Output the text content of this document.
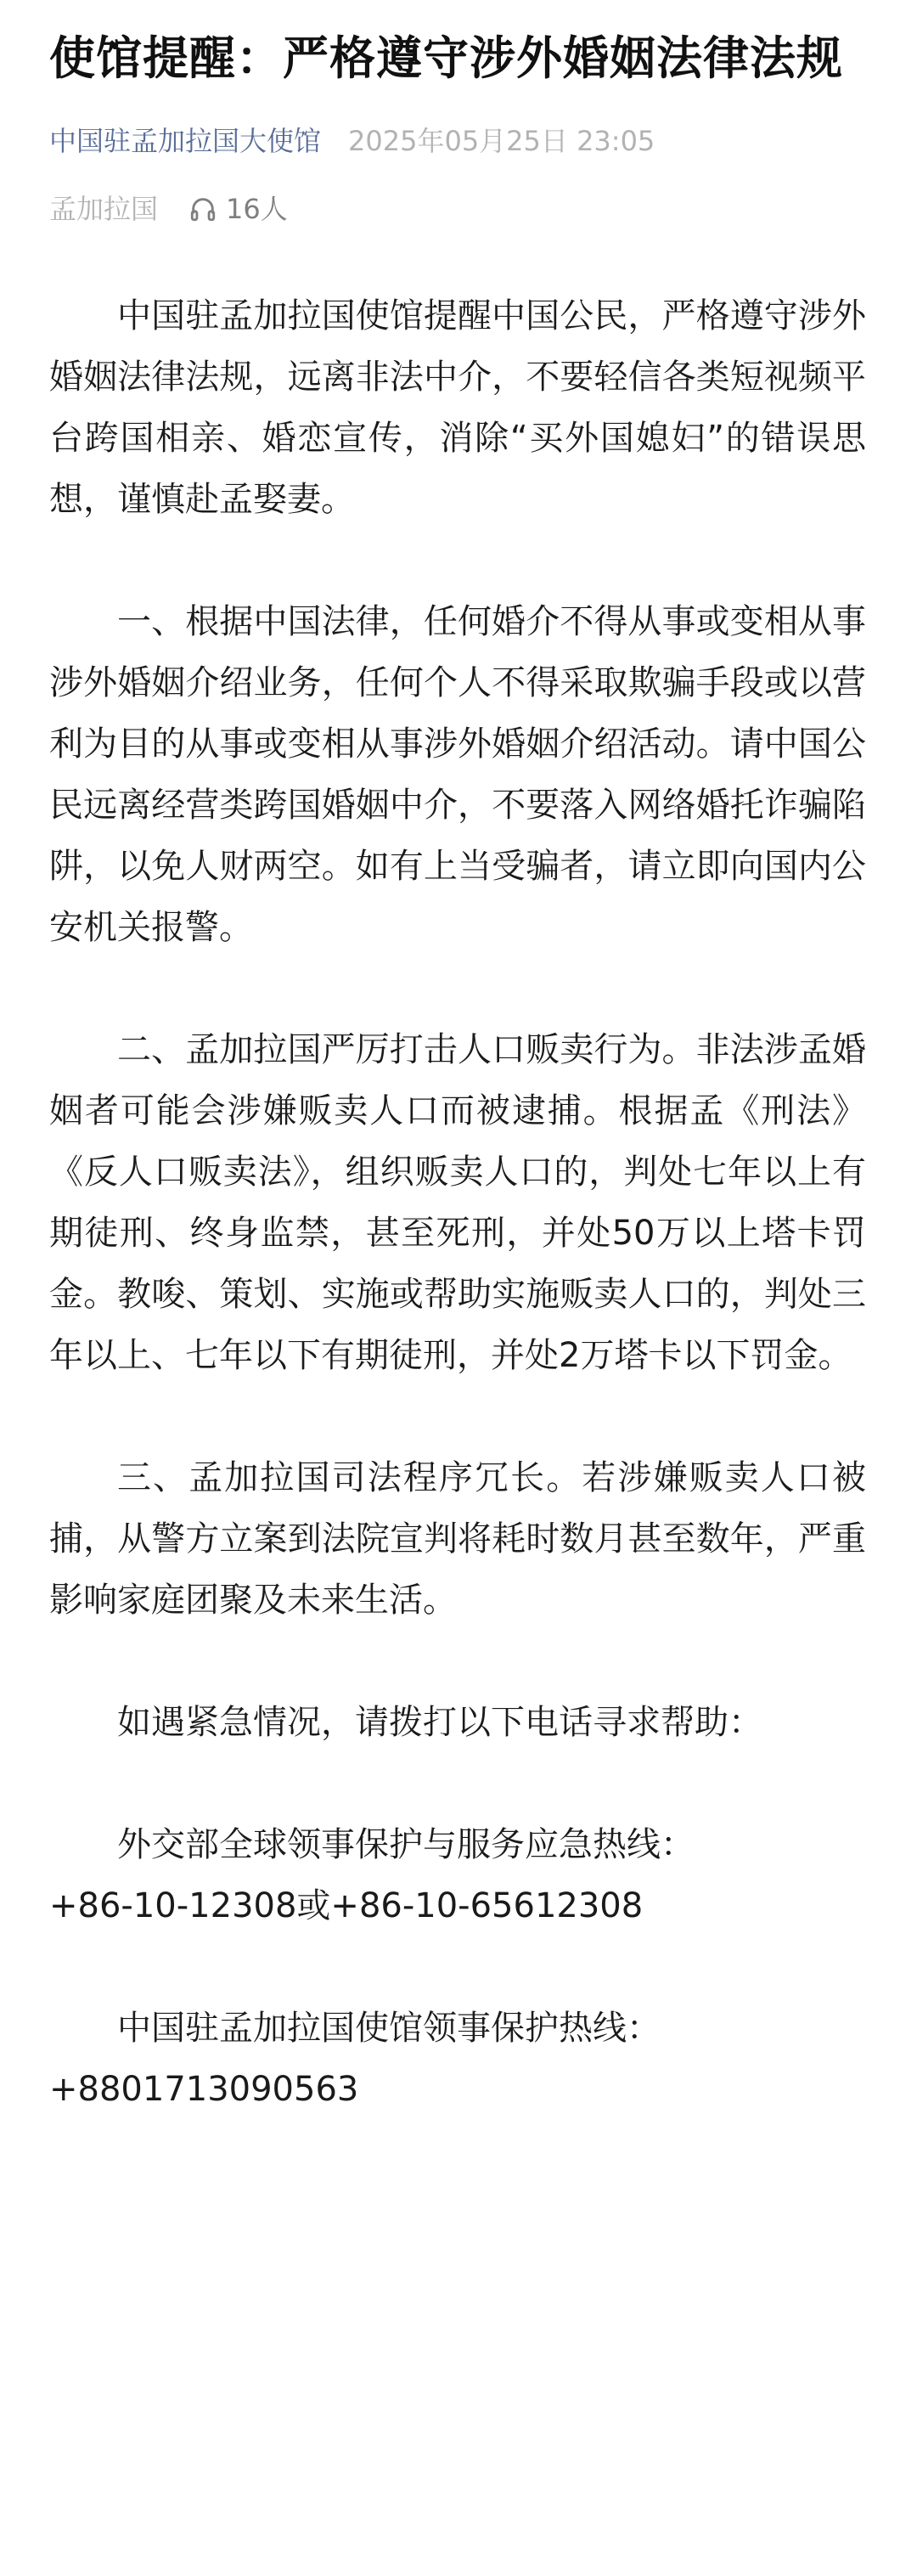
使馆提醒：严格遵守涉外婚姻法律法规
中国驻孟加拉国大使馆 2025年05月25日 23:05
孟加拉国	16人

中国驻孟加拉国使馆提醒中国公民，严格遵守涉外婚姻法律法规，远离非法中介，不要轻信各类短视频平台跨国相亲、婚恋宣传，消除“买外国媳妇”的错误思想，谨慎赴孟娶妻。

一、根据中国法律，任何婚介不得从事或变相从事涉外婚姻介绍业务，任何个人不得采取欺骗手段或以营利为目的从事或变相从事涉外婚姻介绍活动。请中国公民远离经营类跨国婚姻中介，不要落入网络婚托诈骗陷阱，以免人财两空。如有上当受骗者，请立即向国内公安机关报警。

二、孟加拉国严厉打击人口贩卖行为。非法涉孟婚姻者可能会涉嫌贩卖人口而被逮捕。根据孟《刑法》《反人口贩卖法》，组织贩卖人口的，判处七年以上有期徒刑、终身监禁，甚至死刑，并处50万以上塔卡罚金。教唆、策划、实施或帮助实施贩卖人口的，判处三年以上、七年以下有期徒刑，并处2万塔卡以下罚金。

三、孟加拉国司法程序冗长。若涉嫌贩卖人口被捕，从警方立案到法院宣判将耗时数月甚至数年，严重影响家庭团聚及未来生活。

如遇紧急情况，请拨打以下电话寻求帮助：

外交部全球领事保护与服务应急热线：

+86-10-12308或+86-10-65612308

中国驻孟加拉国使馆领事保护热线：

+8801713090563
